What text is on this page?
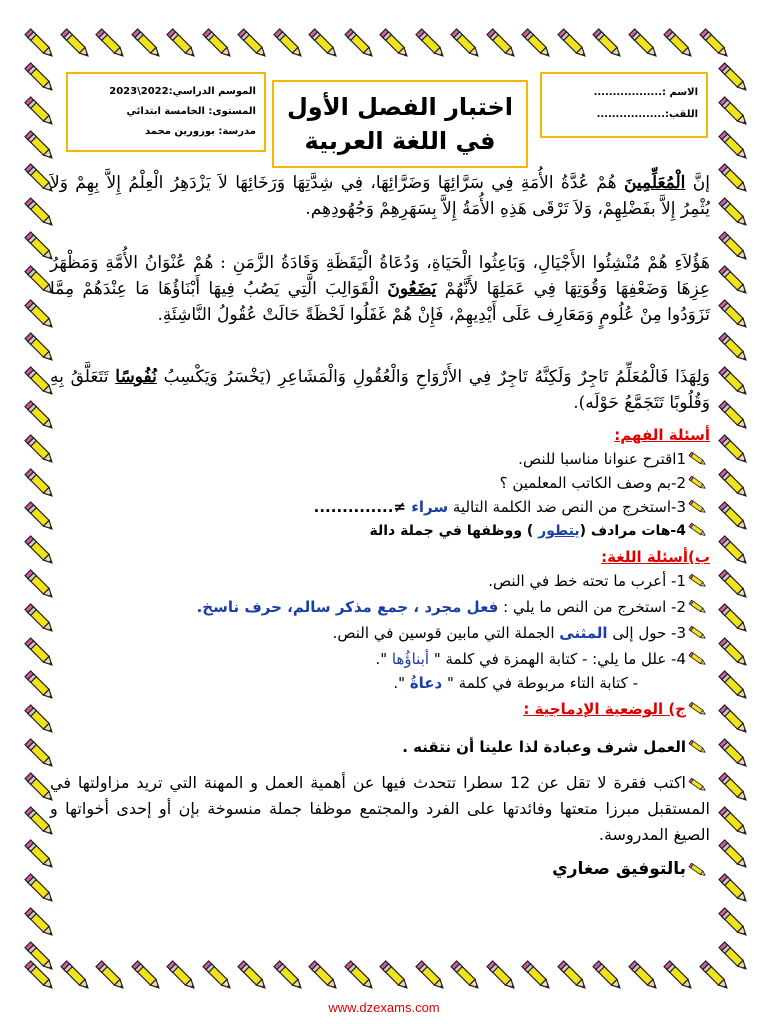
الموسم الدراسي:2022\2023
المستوى: الخامسة ابتدائي
مدرسة: بوزورين محمد
اختبار الفصل الأول
في اللغة العربية
الاسم :..................
اللقب:..................
إنَّ الْمُعَلِّمِينَ هُمْ عُدَّةُ الأُمَةِ فِي سَرَّائِهَا وَضَرَّائِهَا، فِي شِدَّتِهَا وَرَخَائِهَا لاَ يَزْدَهِرُ الْعِلْمُ إِلاَّ بِهِمْ وَلاَ يُثْمِرُ إِلاَّ بفَضْلِهِمْ، وَلاَ تَرْقَى هَذِهِ الأُمَةُ إِلاَّ بِسَهَرِهِمْ وَجُهُودِهِم.
هَؤُلاَءِ هُمْ مُنْشِئُوا الأَجْيَالِ، وَبَاعِثُوا الْحَيَاةِ، وَدُعَاةُ الْيَقَظَةِ وَقَادَةُ الزَّمَنِ : هُمْ عُنْوَانُ الأُمَّةِ وَمَظْهَرُ عِزِهَا وَضَعْفِهَا وَقُوَتِهَا فِي عَمَلِهَا لأَنَّهُمْ يَضَعُونَ الْقَوَالِبَ الَّتِي يَصُبُ فِيهَا أَبْنَاؤُهَا مَا عِنْدَهُمْ مِمَّا تَزَوَدُوا مِنْ عُلُومٍ وَمَعَارِف عَلَى أَيْدِيهِمْ، فَإِنْ هُمْ غَفَلُوا لَحْظَةً حَالَتْ عُقُولُ النَّاشِئَةِ.
وَلِهَذَا فَالْمُعَلِّمُ تَاجِرٌ وَلَكِنَّهُ تَاجِرٌ فِي الأَرْوَاحِ وَالْعُقُولِ وَالْمَشَاعِرِ (يَخْسَرُ وَيَكْسِبُ نُفُوسًا تَتَعَلَّقُ بِهِ وَقُلُوبًا تَتَجَمَّعُ حَوْلَه).
أسئلة الفهم:
1اقترح عنوانا مناسبا للنص.
2-بم وصف الكاتب المعلمين ؟
3-استخرج من النص ضد الكلمة التالية سراء ≠..............
4-هات مرادف (يتطور ) ووظفها في جملة دالة
ب)أسئلة اللغة:
1- أعرب ما تحته خط في النص.
2- استخرج من النص ما يلي : فعل مجرد ، جمع مذكر سالم، حرف ناسخ.
3- حول إلى المثنى الجملة التي مابين قوسين في النص.
4- علل ما يلي: - كتابة الهمزة في كلمة " أبناؤُها ".
- كتابة التاء مربوطة في كلمة " دعاةُ ".
ج) الوضعية الإدماجية :
العمل شرف وعبادة لذا علينا أن نتقنه .
اكتب فقرة لا تقل عن 12 سطرا تتحدث فيها عن أهمية العمل و المهنة التي تريد مزاولتها في المستقبل مبرزا متعتها وفائدتها على الفرد والمجتمع موظفا جملة منسوخة بإن أو إحدى أخواتها و الصيغ المدروسة.
بالتوفيق صغاري
www.dzexams.com
